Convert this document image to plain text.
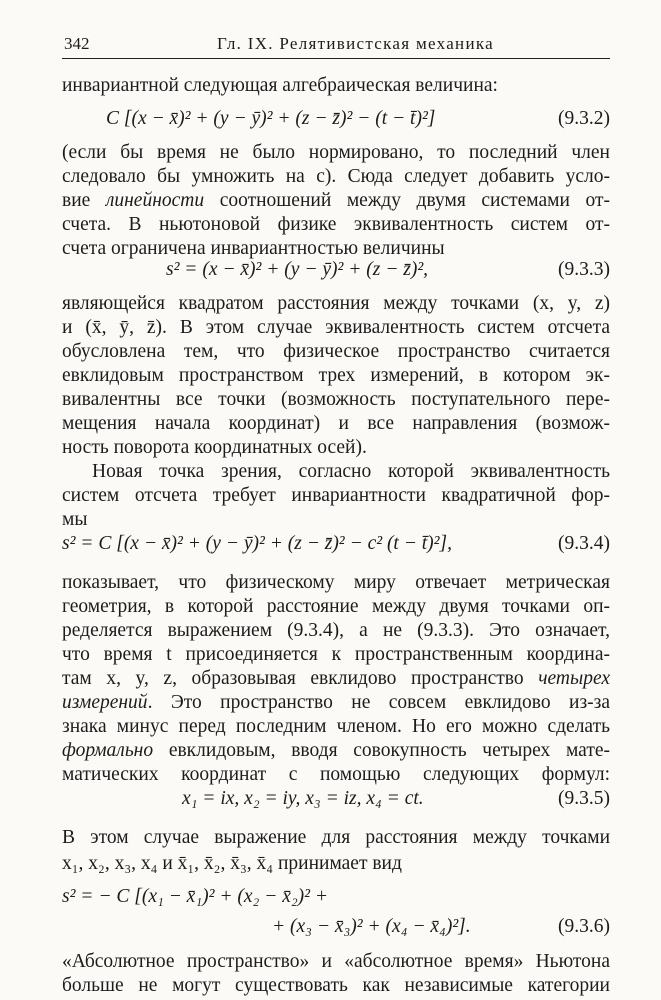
342	Гл. IX. Релятивистская механика
инвариантной следующая алгебраическая величина:
C [(x − x̄)² + (y − ȳ)² + (z − z̄)² − (t − t̄)²]	(9.3.2)
(если бы время не было нормировано, то последний член
следовало бы умножить на c). Сюда следует добавить усло-
вие линейности соотношений между двумя системами от-
счета. В ньютоновой физике эквивалентность систем от-
счета ограничена инвариантностью величины
s² = (x − x̄)² + (y − ȳ)² + (z − z̄)²,	(9.3.3)
являющейся квадратом расстояния между точками (x, y, z)
и (x̄, ȳ, z̄). В этом случае эквивалентность систем отсчета
обусловлена тем, что физическое пространство считается
евклидовым пространством трех измерений, в котором эк-
вивалентны все точки (возможность поступательного пере-
мещения начала координат) и все направления (возмож-
ность поворота координатных осей).
Новая точка зрения, согласно которой эквивалентность
систем отсчета требует инвариантности квадратичной фор-
мы
s² = C [(x − x̄)² + (y − ȳ)² + (z − z̄)² − c² (t − t̄)²],	(9.3.4)
показывает, что физическому миру отвечает метрическая
геометрия, в которой расстояние между двумя точками оп-
ределяется выражением (9.3.4), а не (9.3.3). Это означает,
что время t присоединяется к пространственным координа-
там x, y, z, образовывая евклидово пространство четырех
измерений. Это пространство не совсем евклидово из-за
знака минус перед последним членом. Но его можно сделать
формально евклидовым, вводя совокупность четырех мате-
матических координат с помощью следующих формул:
x₁ = ix, x₂ = iy, x₃ = iz, x₄ = ct.	(9.3.5)
В этом случае выражение для расстояния между точками
x₁, x₂, x₃, x₄ и x̄₁, x̄₂, x̄₃, x̄₄ принимает вид
s² = − C [(x₁ − x̄₁)² + (x₂ − x̄₂)² +
+ (x₃ − x̄₃)² + (x₄ − x̄₄)²].	(9.3.6)
«Абсолютное пространство» и «абсолютное время» Ньютона
больше не могут существовать как независимые категории
